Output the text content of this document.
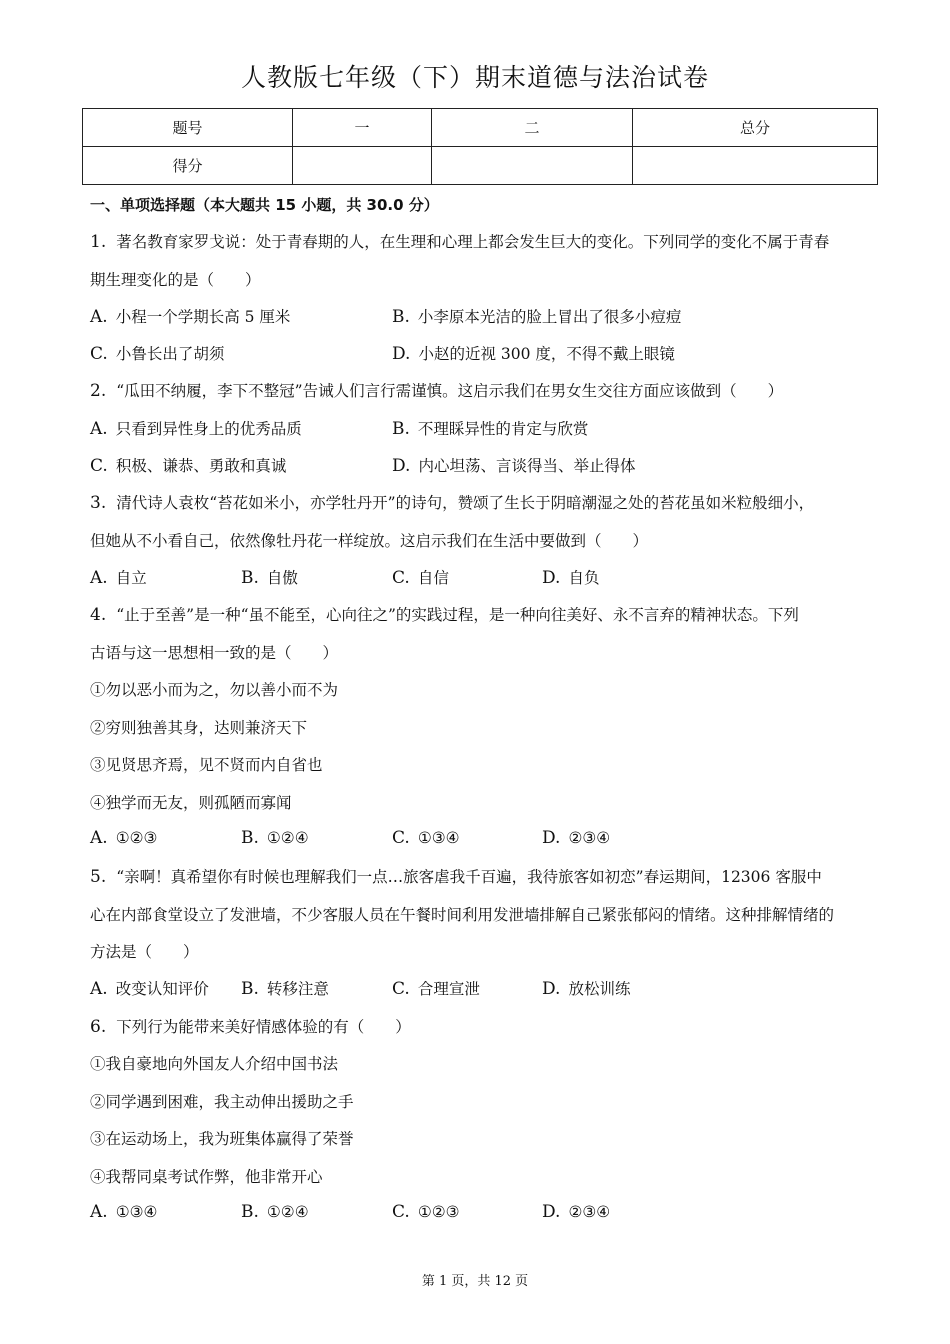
人教版七年级（下）期末道德与法治试卷
题号	一	二	总分
得分			
一、单项选择题（本大题共 15 小题，共 30.0 分）
1. 著名教育家罗戈说：处于青春期的人，在生理和心理上都会发生巨大的变化。下列同学的变化不属于青春
期生理变化的是（　　）
A. 小程一个学期长高 5 厘米	B. 小李原本光洁的脸上冒出了很多小痘痘
C. 小鲁长出了胡须	D. 小赵的近视 300 度，不得不戴上眼镜
2. “瓜田不纳履，李下不整冠”告诫人们言行需谨慎。这启示我们在男女生交往方面应该做到（　　）
A. 只看到异性身上的优秀品质	B. 不理睬异性的肯定与欣赏
C. 积极、谦恭、勇敢和真诚	D. 内心坦荡、言谈得当、举止得体
3. 清代诗人袁枚“苔花如米小，亦学牡丹开”的诗句，赞颂了生长于阴暗潮湿之处的苔花虽如米粒般细小，
但她从不小看自己，依然像牡丹花一样绽放。这启示我们在生活中要做到（　　）
A. 自立	B. 自傲	C. 自信	D. 自负
4. “止于至善”是一种“虽不能至，心向往之”的实践过程，是一种向往美好、永不言弃的精神状态。下列
古语与这一思想相一致的是（　　）
①勿以恶小而为之，勿以善小而不为
②穷则独善其身，达则兼济天下
③见贤思齐焉，见不贤而内自省也
④独学而无友，则孤陋而寡闻
A. ①②③	B. ①②④	C. ①③④	D. ②③④
5. “亲啊！真希望你有时候也理解我们一点…旅客虐我千百遍，我待旅客如初恋”春运期间，12306 客服中
心在内部食堂设立了发泄墙，不少客服人员在午餐时间利用发泄墙排解自己紧张郁闷的情绪。这种排解情绪的
方法是（　　）
A. 改变认知评价 B. 转移注意	C. 合理宣泄	D. 放松训练
6. 下列行为能带来美好情感体验的有（　　）
①我自豪地向外国友人介绍中国书法
②同学遇到困难，我主动伸出援助之手
③在运动场上，我为班集体赢得了荣誉
④我帮同桌考试作弊，他非常开心
A. ①③④	B. ①②④	C. ①②③	D. ②③④
第 1 页，共 12 页
